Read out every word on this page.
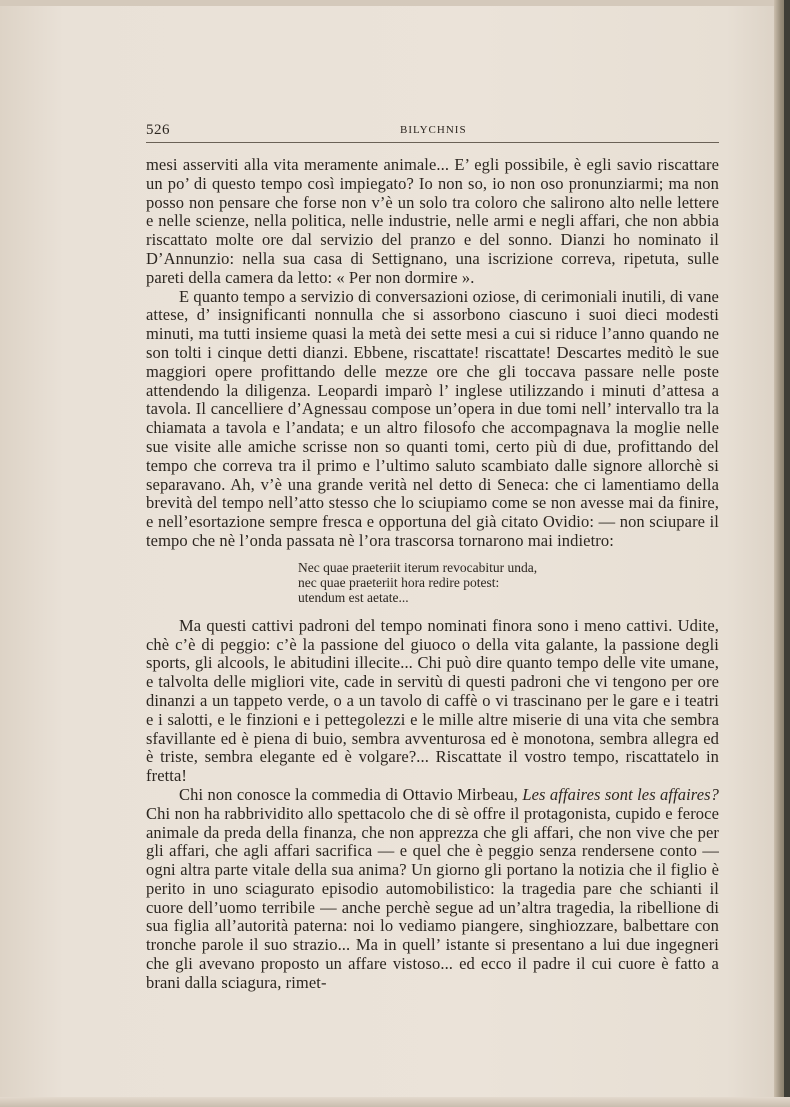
526	BILYCHNIS

mesi asserviti alla vita meramente animale... E’ egli possibile, è egli savio riscattare un po’ di questo tempo così impiegato? Io non so, io non oso pronunziarmi; ma non posso non pensare che forse non v’è un solo tra coloro che salirono alto nelle lettere e nelle scienze, nella politica, nelle industrie, nelle armi e negli affari, che non abbia riscattato molte ore dal servizio del pranzo e del sonno. Dianzi ho nominato il D’Annunzio: nella sua casa di Settignano, una iscrizione correva, ripetuta, sulle pareti della camera da letto: « Per non dormire ».

E quanto tempo a servizio di conversazioni oziose, di cerimoniali inutili, di vane attese, d’ insignificanti nonnulla che si assorbono ciascuno i suoi dieci modesti minuti, ma tutti insieme quasi la metà dei sette mesi a cui si riduce l’anno quando ne son tolti i cinque detti dianzi. Ebbene, riscattate! riscattate! Descartes meditò le sue maggiori opere profittando delle mezze ore che gli toccava passare nelle poste attendendo la diligenza. Leopardi imparò l’ inglese utilizzando i minuti d’attesa a tavola. Il cancelliere d’Agnessau compose un’opera in due tomi nell’ intervallo tra la chiamata a tavola e l’andata; e un altro filosofo che accompagnava la moglie nelle sue visite alle amiche scrisse non so quanti tomi, certo più di due, profittando del tempo che correva tra il primo e l’ultimo saluto scambiato dalle signore allorchè si separavano. Ah, v’è una grande verità nel detto di Seneca: che ci lamentiamo della brevità del tempo nell’atto stesso che lo sciupiamo come se non avesse mai da finire, e nell’esortazione sempre fresca e opportuna del già citato Ovidio: — non sciupare il tempo che nè l’onda passata nè l’ora trascorsa tornarono mai indietro:

Nec quae praeteriit iterum revocabitur unda,
nec quae praeteriit hora redire potest:
utendum est aetate...

Ma questi cattivi padroni del tempo nominati finora sono i meno cattivi. Udite, chè c’è di peggio: c’è la passione del giuoco o della vita galante, la passione degli sports, gli alcools, le abitudini illecite... Chi può dire quanto tempo delle vite umane, e talvolta delle migliori vite, cade in servitù di questi padroni che vi tengono per ore dinanzi a un tappeto verde, o a un tavolo di caffè o vi trascinano per le gare e i teatri e i salotti, e le finzioni e i pettegolezzi e le mille altre miserie di una vita che sembra sfavillante ed è piena di buio, sembra avventurosa ed è monotona, sembra allegra ed è triste, sembra elegante ed è volgare?... Riscattate il vostro tempo, riscattatelo in fretta!

Chi non conosce la commedia di Ottavio Mirbeau, Les affaires sont les affaires? Chi non ha rabbrividito allo spettacolo che di sè offre il protagonista, cupido e feroce animale da preda della finanza, che non apprezza che gli affari, che non vive che per gli affari, che agli affari sacrifica — e quel che è peggio senza rendersene conto — ogni altra parte vitale della sua anima? Un giorno gli portano la notizia che il figlio è perito in uno sciagurato episodio automobilistico: la tragedia pare che schianti il cuore dell’uomo terribile — anche perchè segue ad un’altra tragedia, la ribellione di sua figlia all’autorità paterna: noi lo vediamo piangere, singhiozzare, balbettare con tronche parole il suo strazio... Ma in quell’ istante si presentano a lui due ingegneri che gli avevano proposto un affare vistoso... ed ecco il padre il cui cuore è fatto a brani dalla sciagura, rimet-
